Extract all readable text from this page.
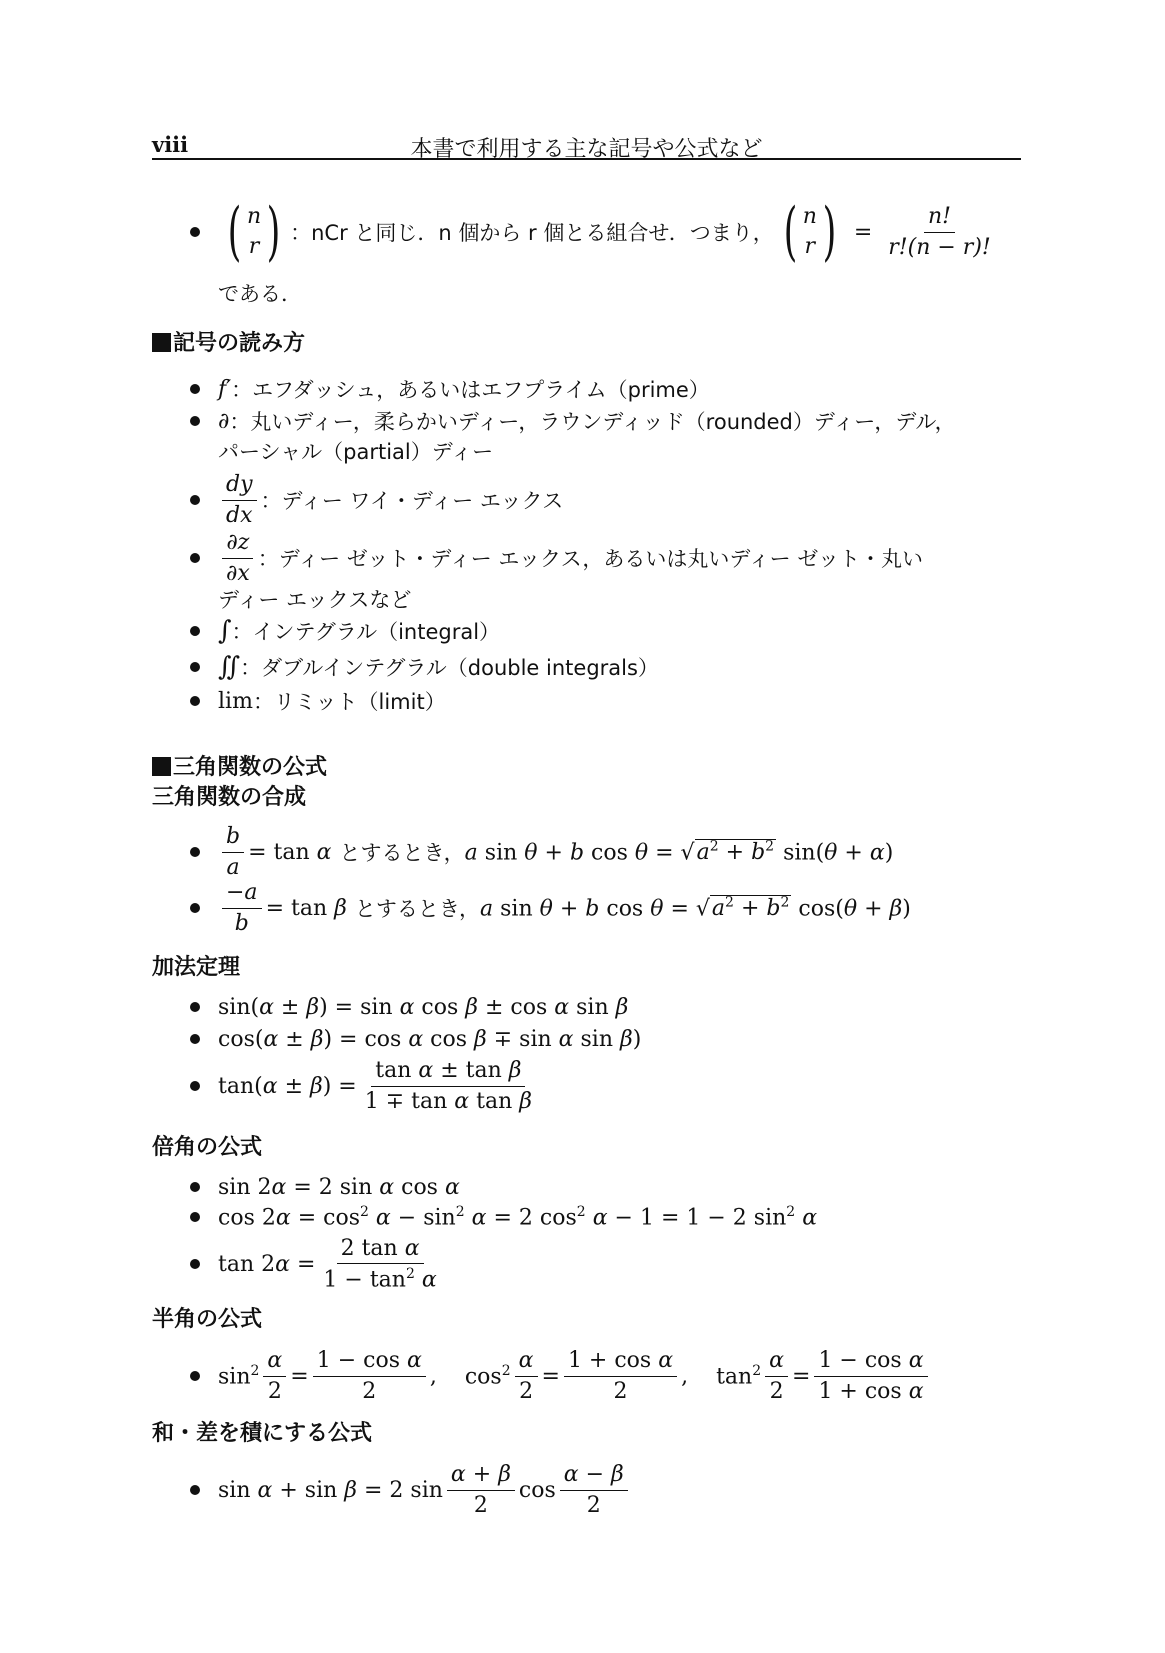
viii	本書で利用する主な記号や公式など
( n
r ) ：nCr と同じ．n 個から r 個とる組合せ．つまり， ( n
r ) = $\frac{n!}{r!(n - r)!}$
である．
記号の読み方
f′ ：エフダッシュ，あるいはエフプライム（prime）
∂ ：丸いディー，柔らかいディー，ラウンディッド（rounded）ディー，デル，
パーシャル（partial）ディー
$\frac{dy}{dx}$ ：ディー ワイ・ディー エックス
$\frac{\partial z}{\partial x}$ ：ディー ゼット・ディー エックス，あるいは丸いディー ゼット・丸い
ディー エックスなど
∫ ：インテグラル（integral）
∬ ：ダブルインテグラル（double integrals）
lim ：リミット（limit）
三角関数の公式
三角関数の合成
$\frac{b}{a} = \tan \alpha$ とするとき， a sin θ + b $\cos \theta = √a^2 + b^2$ sin(θ + α)
$\frac{-a}{b} = \tan \beta$ とするとき， a sin θ + b $\cos \theta = √a^2 + b^2$ cos(θ + β)
加法定理
sin(α ± β) = sin α cos β ± cos α sin β
cos(α ± β) = cos α cos β ∓ sin α sin β)
$\tan(\alpha \pm \beta) = \frac{\text{tan α ± tan β}}{\text{1 ∓ tan α tan β}}$
倍角の公式
sin 2α = 2 sin α cos α
$\cos 2\alpha = \cos^2 \alpha - \sin^2 \alpha = 2$ $\cos^2 \alpha - 1 = 1 - 2$ $\sin^2 \alpha$
$\tan 2\alpha = \frac{\text{2 tan α}}{1 - \tan^2 \alpha}$
半角の公式
$\sin^2 \frac{\alpha}{2} = \frac{\text{1 − cos α}}{2}$ , $\cos^2 \frac{\alpha}{2} = \frac{\text{1 + cos α}}{2}$ , $\tan^2 \frac{\alpha}{2} = \frac{\text{1 − cos α}}{\text{1 + cos α}}$
和・差を積にする公式
sin α + sin β = 2 $\sin \frac{\alpha + \beta}{2}$ $\cos \frac{\alpha - \beta}{2}$
